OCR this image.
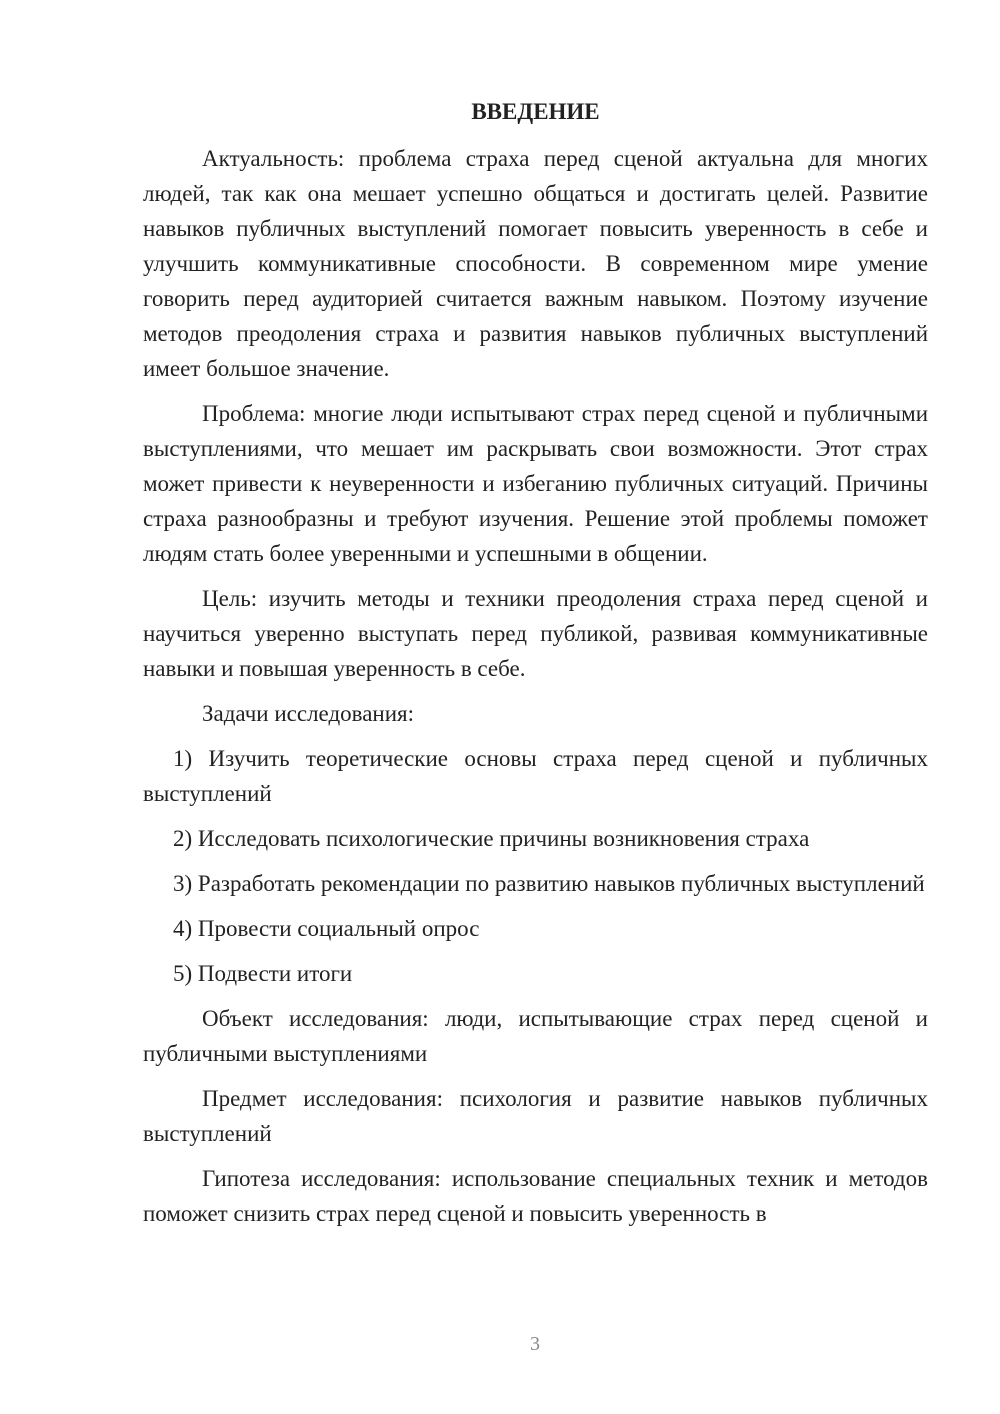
ВВЕДЕНИЕ

Актуальность: проблема страха перед сценой актуальна для многих людей, так как она мешает успешно общаться и достигать целей. Развитие навыков публичных выступлений помогает повысить уверенность в себе и улучшить коммуникативные способности. В современном мире умение говорить перед аудиторией считается важным навыком. Поэтому изучение методов преодоления страха и развития навыков публичных выступлений имеет большое значение.

Проблема: многие люди испытывают страх перед сценой и публичными выступлениями, что мешает им раскрывать свои возможности. Этот страх может привести к неуверенности и избеганию публичных ситуаций. Причины страха разнообразны и требуют изучения. Решение этой проблемы поможет людям стать более уверенными и успешными в общении.

Цель: изучить методы и техники преодоления страха перед сценой и научиться уверенно выступать перед публикой, развивая коммуникативные навыки и повышая уверенность в себе.

Задачи исследования:

1) Изучить теоретические основы страха перед сценой и публичных выступлений

2) Исследовать психологические причины возникновения страха

3) Разработать рекомендации по развитию навыков публичных выступлений

4) Провести социальный опрос

5) Подвести итоги

Объект исследования: люди, испытывающие страх перед сценой и публичными выступлениями

Предмет исследования: психология и развитие навыков публичных выступлений

Гипотеза исследования: использование специальных техник и методов поможет снизить страх перед сценой и повысить уверенность в

3
